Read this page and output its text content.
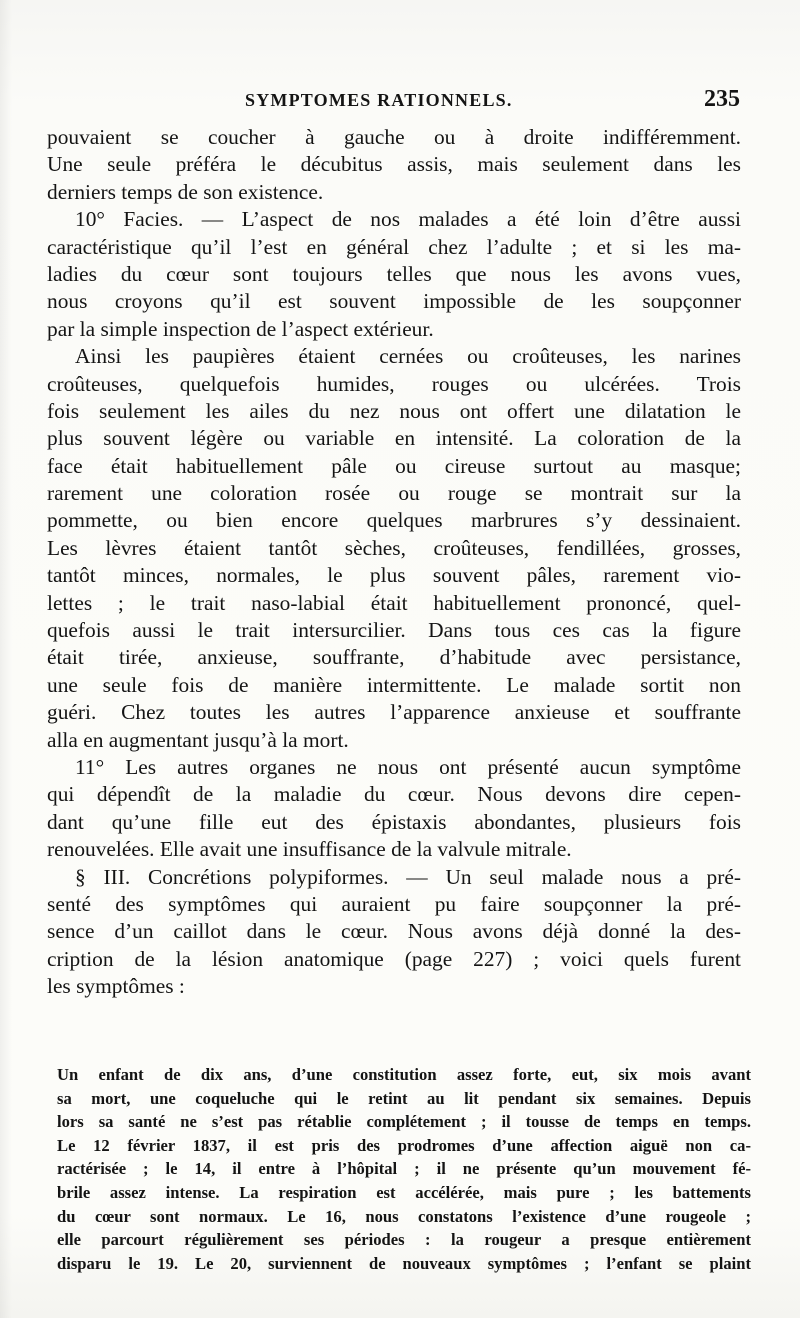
SYMPTOMES RATIONNELS.	235
pouvaient se coucher à gauche ou à droite indifféremment.
Une seule préféra le décubitus assis, mais seulement dans les
derniers temps de son existence.
10° Facies. — L’aspect de nos malades a été loin d’être aussi
caractéristique qu’il l’est en général chez l’adulte ; et si les ma-
ladies du cœur sont toujours telles que nous les avons vues,
nous croyons qu’il est souvent impossible de les soupçonner
par la simple inspection de l’aspect extérieur.
Ainsi les paupières étaient cernées ou croûteuses, les narines
croûteuses, quelquefois humides, rouges ou ulcérées. Trois
fois seulement les ailes du nez nous ont offert une dilatation le
plus souvent légère ou variable en intensité. La coloration de la
face était habituellement pâle ou cireuse surtout au masque;
rarement une coloration rosée ou rouge se montrait sur la
pommette, ou bien encore quelques marbrures s’y dessinaient.
Les lèvres étaient tantôt sèches, croûteuses, fendillées, grosses,
tantôt minces, normales, le plus souvent pâles, rarement vio-
lettes ; le trait naso-labial était habituellement prononcé, quel-
quefois aussi le trait intersurcilier. Dans tous ces cas la figure
était tirée, anxieuse, souffrante, d’habitude avec persistance,
une seule fois de manière intermittente. Le malade sortit non
guéri. Chez toutes les autres l’apparence anxieuse et souffrante
alla en augmentant jusqu’à la mort.
11° Les autres organes ne nous ont présenté aucun symptôme
qui dépendît de la maladie du cœur. Nous devons dire cepen-
dant qu’une fille eut des épistaxis abondantes, plusieurs fois
renouvelées. Elle avait une insuffisance de la valvule mitrale.
§ III. Concrétions polypiformes. — Un seul malade nous a pré-
senté des symptômes qui auraient pu faire soupçonner la pré-
sence d’un caillot dans le cœur. Nous avons déjà donné la des-
cription de la lésion anatomique (page 227) ; voici quels furent
les symptômes :
Un enfant de dix ans, d’une constitution assez forte, eut, six mois avant
sa mort, une coqueluche qui le retint au lit pendant six semaines. Depuis
lors sa santé ne s’est pas rétablie complétement ; il tousse de temps en temps.
Le 12 février 1837, il est pris des prodromes d’une affection aiguë non ca-
ractérisée ; le 14, il entre à l’hôpital ; il ne présente qu’un mouvement fé-
brile assez intense. La respiration est accélérée, mais pure ; les battements
du cœur sont normaux. Le 16, nous constatons l’existence d’une rougeole ;
elle parcourt régulièrement ses périodes : la rougeur a presque entièrement
disparu le 19. Le 20, surviennent de nouveaux symptômes ; l’enfant se plaint
